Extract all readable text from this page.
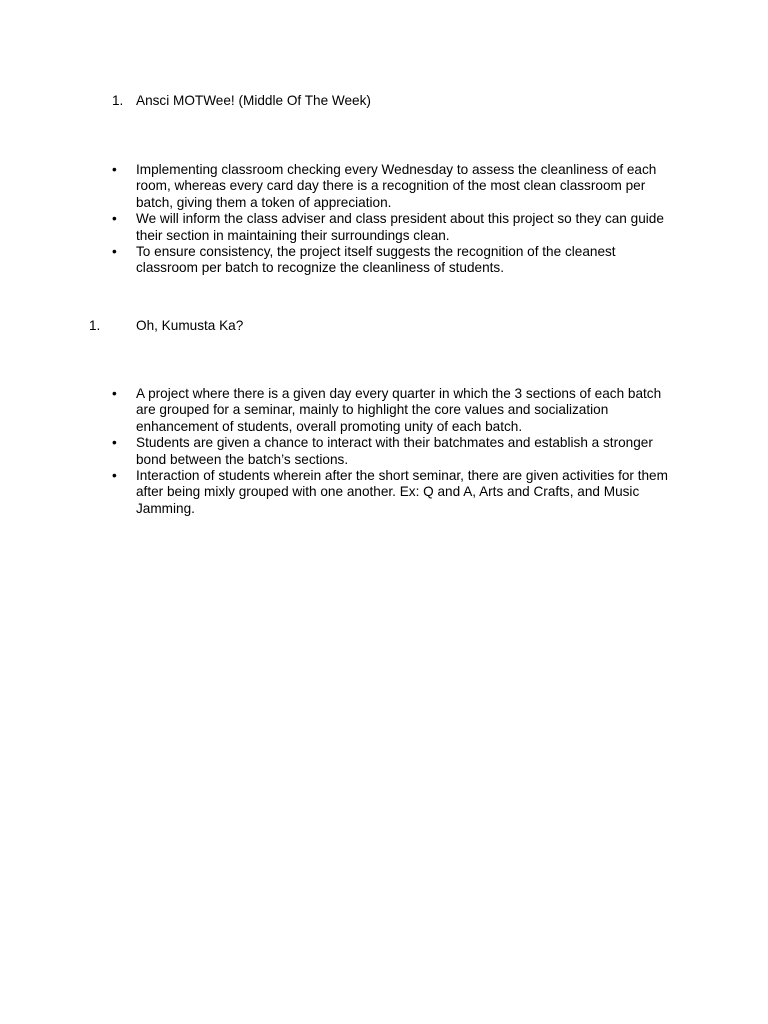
1. Ansci MOTWee! (Middle Of The Week)
•	Implementing classroom checking every Wednesday to assess the cleanliness of each room, whereas every card day there is a recognition of the most clean classroom per batch, giving them a token of appreciation.
•	We will inform the class adviser and class president about this project so they can guide their section in maintaining their surroundings clean.
•	To ensure consistency, the project itself suggests the recognition of the cleanest classroom per batch to recognize the cleanliness of students.
1.	Oh, Kumusta Ka?
•	A project where there is a given day every quarter in which the 3 sections of each batch are grouped for a seminar, mainly to highlight the core values and socialization enhancement of students, overall promoting unity of each batch.
•	Students are given a chance to interact with their batchmates and establish a stronger bond between the batch’s sections.
•	Interaction of students wherein after the short seminar, there are given activities for them after being mixly grouped with one another. Ex: Q and A, Arts and Crafts, and Music Jamming.
